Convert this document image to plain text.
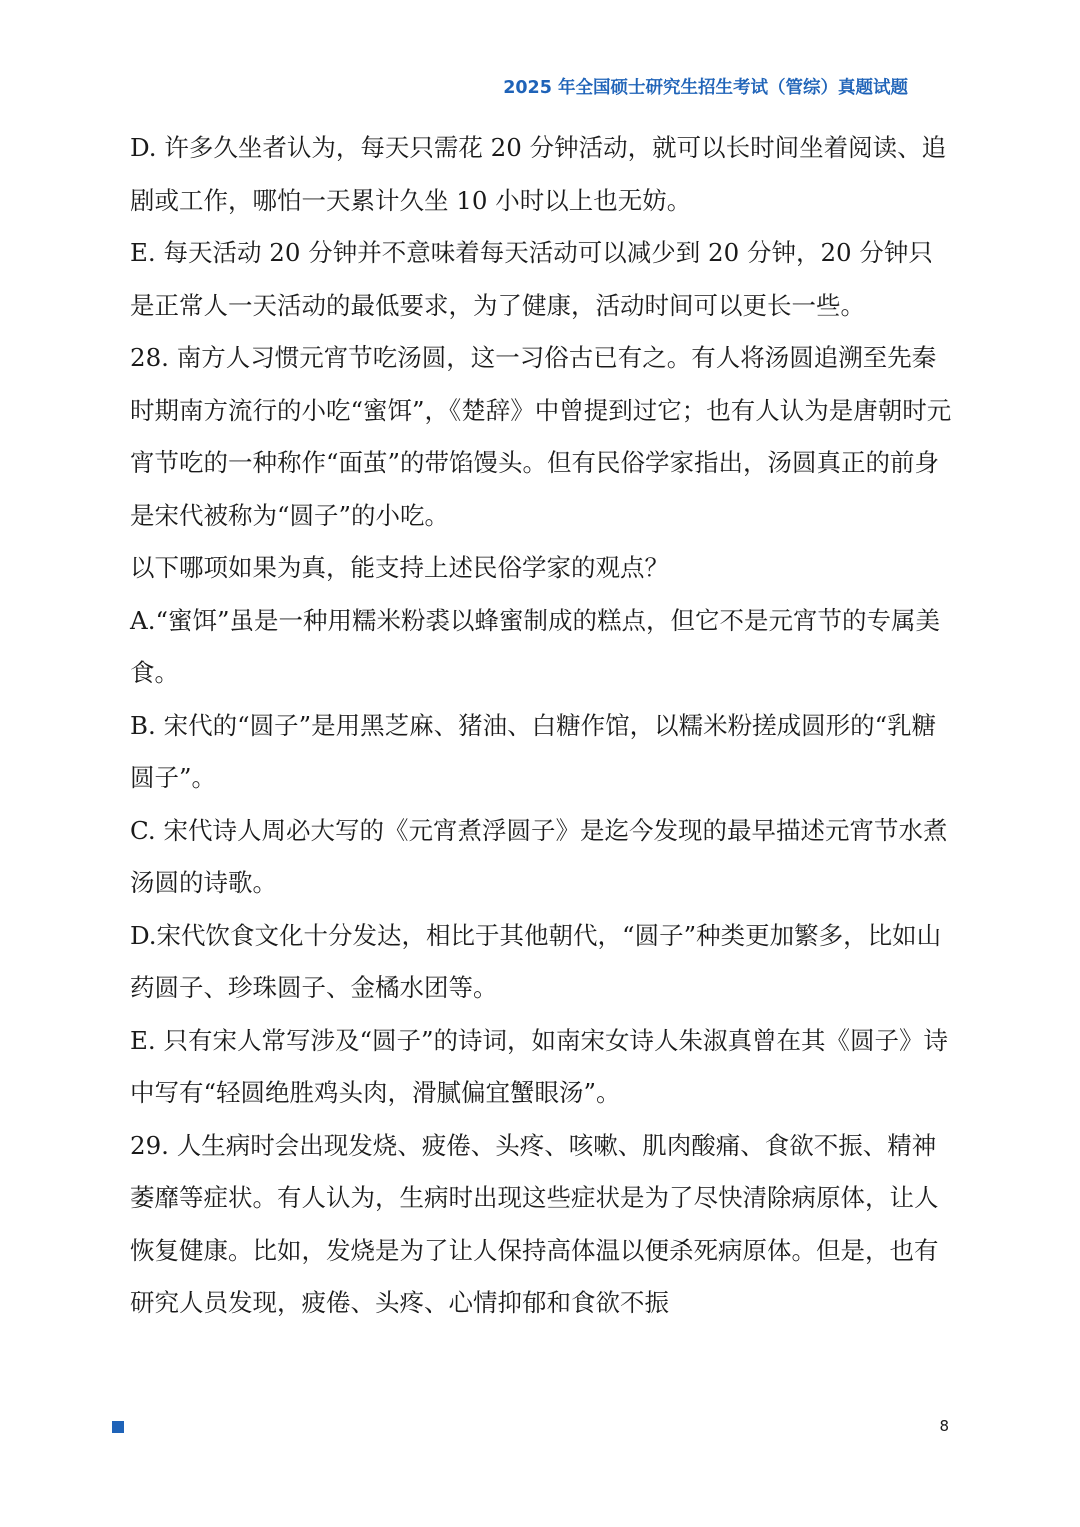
2025 年全国硕士研究生招生考试（管综）真题试题

D. 许多久坐者认为，每天只需花 20 分钟活动，就可以长时间坐着阅读、追剧或工作，哪怕一天累计久坐 10 小时以上也无妨。

E. 每天活动 20 分钟并不意味着每天活动可以减少到 20 分钟，20 分钟只是正常人一天活动的最低要求，为了健康，活动时间可以更长一些。

28. 南方人习惯元宵节吃汤圆，这一习俗古已有之。有人将汤圆追溯至先秦时期南方流行的小吃“蜜饵”，《楚辞》中曾提到过它；也有人认为是唐朝时元宵节吃的一种称作“面茧”的带馅馒头。但有民俗学家指出，汤圆真正的前身是宋代被称为“圆子”的小吃。

以下哪项如果为真，能支持上述民俗学家的观点？

A.“蜜饵”虽是一种用糯米粉裘以蜂蜜制成的糕点，但它不是元宵节的专属美食。

B. 宋代的“圆子”是用黑芝麻、猪油、白糖作馆，以糯米粉搓成圆形的“乳糖圆子”。

C. 宋代诗人周必大写的《元宵煮浮圆子》是迄今发现的最早描述元宵节水煮汤圆的诗歌。

D.宋代饮食文化十分发达，相比于其他朝代，“圆子”种类更加繁多，比如山药圆子、珍珠圆子、金橘水团等。

E. 只有宋人常写涉及“圆子”的诗词，如南宋女诗人朱淑真曾在其《圆子》诗中写有“轻圆绝胜鸡头肉，滑腻偏宜蟹眼汤”。

29. 人生病时会出现发烧、疲倦、头疼、咳嗽、肌肉酸痛、食欲不振、精神萎靡等症状。有人认为，生病时出现这些症状是为了尽快清除病原体，让人恢复健康。比如，发烧是为了让人保持高体温以便杀死病原体。但是，也有研究人员发现，疲倦、头疼、心情抑郁和食欲不振

8
